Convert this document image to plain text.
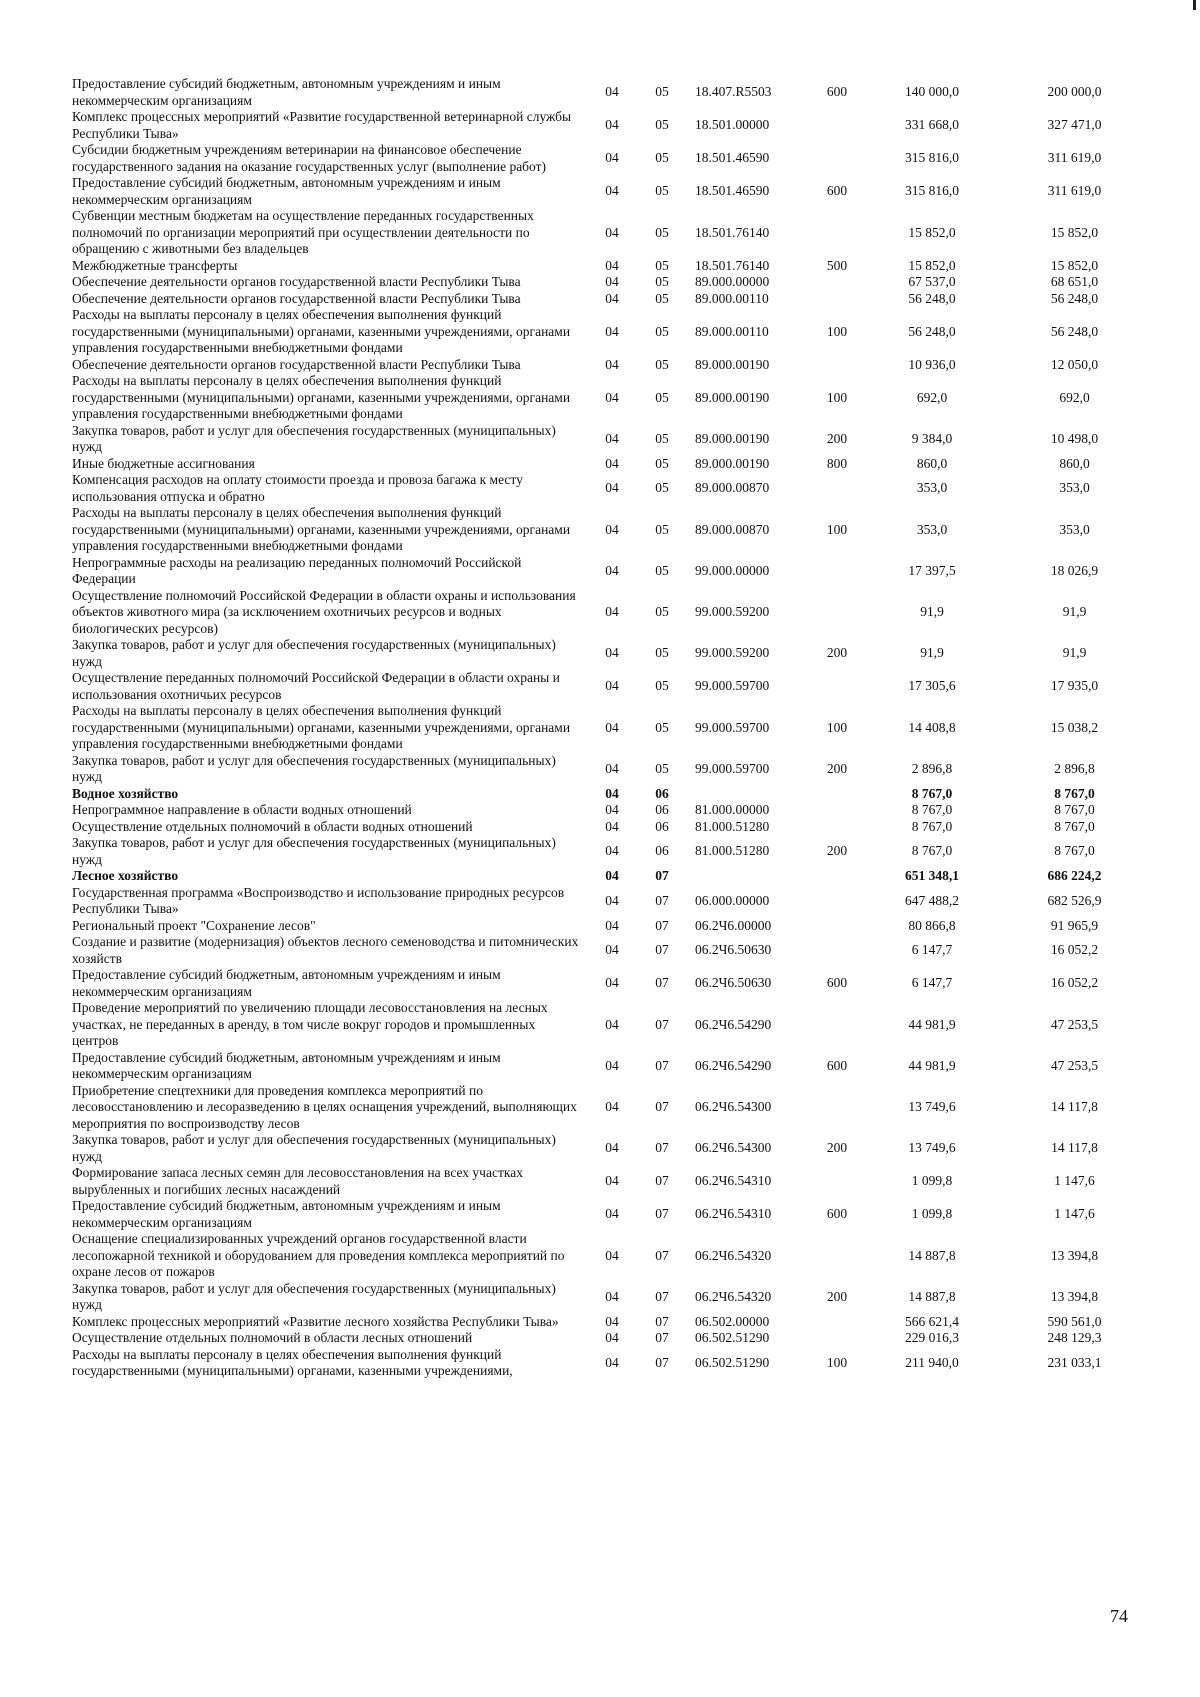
Предоставление субсидий бюджетным, автономным учреждениям и иным некоммерческим организациям	04	05	18.407.R5503	600	140 000,0	200 000,0
Комплекс процессных мероприятий «Развитие государственной ветеринарной службы Республики Тыва»	04	05	18.501.00000		331 668,0	327 471,0
Субсидии бюджетным учреждениям ветеринарии на финансовое обеспечение государственного задания на оказание государственных услуг (выполнение работ)	04	05	18.501.46590		315 816,0	311 619,0
Предоставление субсидий бюджетным, автономным учреждениям и иным некоммерческим организациям	04	05	18.501.46590	600	315 816,0	311 619,0
Субвенции местным бюджетам на осуществление переданных государственных полномочий по организации мероприятий при осуществлении деятельности по обращению с животными без владельцев	04	05	18.501.76140		15 852,0	15 852,0
Межбюджетные трансферты	04	05	18.501.76140	500	15 852,0	15 852,0
Обеспечение деятельности органов государственной власти Республики Тыва	04	05	89.000.00000		67 537,0	68 651,0
Обеспечение деятельности органов государственной власти Республики Тыва	04	05	89.000.00110		56 248,0	56 248,0
Расходы на выплаты персоналу в целях обеспечения выполнения функций государственными (муниципальными) органами, казенными учреждениями, органами управления государственными внебюджетными фондами	04	05	89.000.00110	100	56 248,0	56 248,0
Обеспечение деятельности органов государственной власти Республики Тыва	04	05	89.000.00190		10 936,0	12 050,0
Расходы на выплаты персоналу в целях обеспечения выполнения функций государственными (муниципальными) органами, казенными учреждениями, органами управления государственными внебюджетными фондами	04	05	89.000.00190	100	692,0	692,0
Закупка товаров, работ и услуг для обеспечения государственных (муниципальных) нужд	04	05	89.000.00190	200	9 384,0	10 498,0
Иные бюджетные ассигнования	04	05	89.000.00190	800	860,0	860,0
Компенсация расходов на оплату стоимости проезда и провоза багажа к месту использования отпуска и обратно	04	05	89.000.00870		353,0	353,0
Расходы на выплаты персоналу в целях обеспечения выполнения функций государственными (муниципальными) органами, казенными учреждениями, органами управления государственными внебюджетными фондами	04	05	89.000.00870	100	353,0	353,0
Непрограммные расходы на реализацию переданных полномочий Российской Федерации	04	05	99.000.00000		17 397,5	18 026,9
Осуществление полномочий Российской Федерации в области охраны и использования объектов животного мира (за исключением охотничьих ресурсов и водных биологических ресурсов)	04	05	99.000.59200		91,9	91,9
Закупка товаров, работ и услуг для обеспечения государственных (муниципальных) нужд	04	05	99.000.59200	200	91,9	91,9
Осуществление переданных полномочий Российской Федерации в области охраны и использования охотничьих ресурсов	04	05	99.000.59700		17 305,6	17 935,0
Расходы на выплаты персоналу в целях обеспечения выполнения функций государственными (муниципальными) органами, казенными учреждениями, органами управления государственными внебюджетными фондами	04	05	99.000.59700	100	14 408,8	15 038,2
Закупка товаров, работ и услуг для обеспечения государственных (муниципальных) нужд	04	05	99.000.59700	200	2 896,8	2 896,8
Водное хозяйство	04	06			8 767,0	8 767,0
Непрограммное направление в области водных отношений	04	06	81.000.00000		8 767,0	8 767,0
Осуществление отдельных полномочий в области водных отношений	04	06	81.000.51280		8 767,0	8 767,0
Закупка товаров, работ и услуг для обеспечения государственных (муниципальных) нужд	04	06	81.000.51280	200	8 767,0	8 767,0
Лесное хозяйство	04	07			651 348,1	686 224,2
Государственная программа «Воспроизводство и использование природных ресурсов Республики Тыва»	04	07	06.000.00000		647 488,2	682 526,9
Региональный проект "Сохранение лесов"	04	07	06.2Ч6.00000		80 866,8	91 965,9
Создание и развитие (модернизация) объектов лесного семеноводства и питомнических хозяйств	04	07	06.2Ч6.50630		6 147,7	16 052,2
Предоставление субсидий бюджетным, автономным учреждениям и иным некоммерческим организациям	04	07	06.2Ч6.50630	600	6 147,7	16 052,2
Проведение мероприятий по увеличению площади лесовосстановления на лесных участках, не переданных в аренду, в том числе вокруг городов и промышленных центров	04	07	06.2Ч6.54290		44 981,9	47 253,5
Предоставление субсидий бюджетным, автономным учреждениям и иным некоммерческим организациям	04	07	06.2Ч6.54290	600	44 981,9	47 253,5
Приобретение спецтехники для проведения комплекса мероприятий по лесовосстановлению и лесоразведению в целях оснащения учреждений, выполняющих мероприятия по воспроизводству лесов	04	07	06.2Ч6.54300		13 749,6	14 117,8
Закупка товаров, работ и услуг для обеспечения государственных (муниципальных) нужд	04	07	06.2Ч6.54300	200	13 749,6	14 117,8
Формирование запаса лесных семян для лесовосстановления на всех участках вырубленных и погибших лесных насаждений	04	07	06.2Ч6.54310		1 099,8	1 147,6
Предоставление субсидий бюджетным, автономным учреждениям и иным некоммерческим организациям	04	07	06.2Ч6.54310	600	1 099,8	1 147,6
Оснащение специализированных учреждений органов государственной власти лесопожарной техникой и оборудованием для проведения комплекса мероприятий по охране лесов от пожаров	04	07	06.2Ч6.54320		14 887,8	13 394,8
Закупка товаров, работ и услуг для обеспечения государственных (муниципальных) нужд	04	07	06.2Ч6.54320	200	14 887,8	13 394,8
Комплекс процессных мероприятий «Развитие лесного хозяйства Республики Тыва»	04	07	06.502.00000		566 621,4	590 561,0
Осуществление отдельных полномочий в области лесных отношений	04	07	06.502.51290		229 016,3	248 129,3
Расходы на выплаты персоналу в целях обеспечения выполнения функций государственными (муниципальными) органами, казенными учреждениями,	04	07	06.502.51290	100	211 940,0	231 033,1
74
